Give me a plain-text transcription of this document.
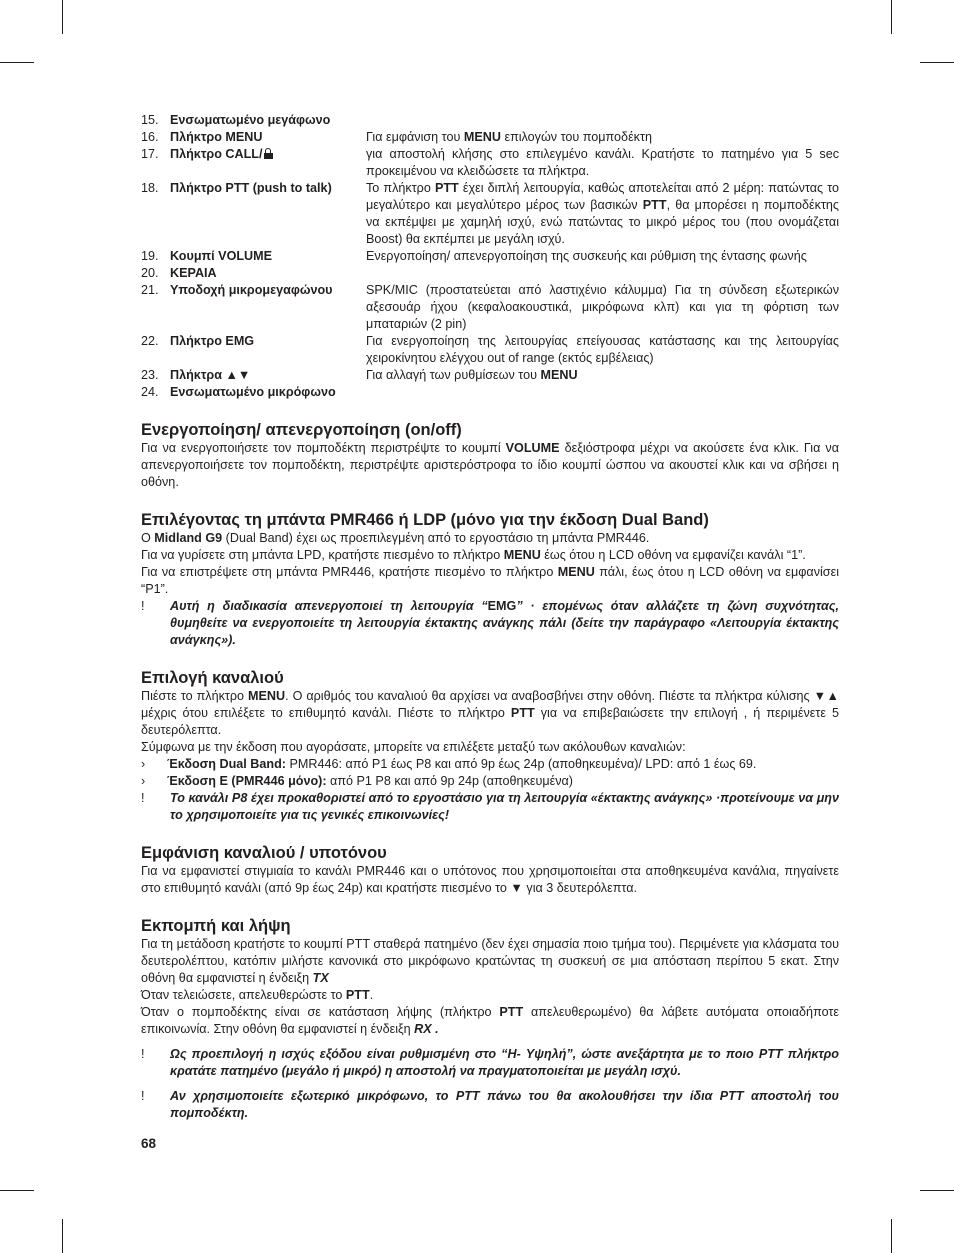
15. Ενσωματωμένο μεγάφωνο
16. Πλήκτρο MENU	Για εμφάνιση του MENU επιλογών του πομποδέκτη
17. Πλήκτρο CALL/	για αποστολή κλήσης στο επιλεγμένο κανάλι. Κρατήστε το πατημένο για 5 sec προκειμένου να κλειδώσετε τα πλήκτρα.
18. Πλήκτρο PTT (push to talk)	Το πλήκτρο PTT έχει διπλή λειτουργία, καθώς αποτελείται από 2 μέρη: πατώντας το μεγαλύτερο και μεγαλύτερο μέρος των βασικών PTT, θα μπορέσει η πομποδέκτης να εκπέμψει με χαμηλή ισχύ, ενώ πατώντας το μικρό μέρος του (που ονομάζεται Boost) θα εκπέμπει με μεγάλη ισχύ.
19. Κουμπί VOLUME	Ενεργοποίηση/ απενεργοποίηση της συσκευής και ρύθμιση της έντασης φωνής
20. ΚΕΡΑΙΑ
21. Υποδοχή μικρομεγαφώνου	SPK/MIC (προστατεύεται από λαστιχένιο κάλυμμα) Για τη σύνδεση εξωτερικών αξεσουάρ ήχου (κεφαλοακουστικά, μικρόφωνα κλπ) και για τη φόρτιση των μπαταριών (2 pin)
22. Πλήκτρο EMG	Για ενεργοποίηση της λειτουργίας επείγουσας κατάστασης και της λειτουργίας χειροκίνητου ελέγχου out of range (εκτός εμβέλειας)
23. Πλήκτρα ▲▼	Για αλλαγή των ρυθμίσεων του MENU
24. Ενσωματωμένο μικρόφωνο
Ενεργοποίηση/ απενεργοποίηση (on/off)

Για να ενεργοποιήσετε τον πομποδέκτη περιστρέψτε το κουμπί VOLUME δεξιόστροφα μέχρι να ακούσετε ένα κλικ. Για να απενεργοποιήσετε τον πομποδέκτη, περιστρέψτε αριστερόστροφα το ίδιο κουμπί ώσπου να ακουστεί κλικ και να σβήσει η οθόνη.

Επιλέγοντας τη μπάντα PMR466 ή LDP (μόνο για την έκδοση Dual Band)

Ο Midland G9 (Dual Band) έχει ως προεπιλεγμένη από το εργοστάσιο τη μπάντα PMR446.

Για να γυρίσετε στη μπάντα LPD, κρατήστε πιεσμένο το πλήκτρο MENU έως ότου η LCD οθόνη να εμφανίζει κανάλι “1”.

Για να επιστρέψετε στη μπάντα PMR446, κρατήστε πιεσμένο το πλήκτρο MENU πάλι, έως ότου η LCD οθόνη να εμφανίσει “P1”.

!	Αυτή η διαδικασία απενεργοποιεί τη λειτουργία “EMG” · επομένως όταν αλλάζετε τη ζώνη συχνότητας, θυμηθείτε να ενεργοποιείτε τη λειτουργία έκτακτης ανάγκης πάλι (δείτε την παράγραφο «Λειτουργία έκτακτης ανάγκης»).
Επιλογή καναλιού

Πιέστε το πλήκτρο MENU. Ο αριθμός του καναλιού θα αρχίσει να αναβοσβήνει στην οθόνη. Πιέστε τα πλήκτρα κύλισης ▼▲ μέχρις ότου επιλέξετε το επιθυμητό κανάλι. Πιέστε το πλήκτρο PTT για να επιβεβαιώσετε την επιλογή , ή περιμένετε 5 δευτερόλεπτα.

Σύμφωνα με την έκδοση που αγοράσατε, μπορείτε να επιλέξετε μεταξύ των ακόλουθων καναλιών:

›	Έκδοση Dual Band: PMR446: από P1 έως P8 και από 9p έως 24p (αποθηκευμένα)/ LPD: από 1 έως 69.
›	Έκδοση E (PMR446 μόνο): από P1 P8 και από 9p 24p (αποθηκευμένα)
!	Το κανάλι P8 έχει προκαθοριστεί από το εργοστάσιο για τη λειτουργία «έκτακτης ανάγκης» ·προτείνουμε να μην το χρησιμοποιείτε για τις γενικές επικοινωνίες!
Εμφάνιση καναλιού / υποτόνου

Για να εμφανιστεί στιγμιαία το κανάλι PMR446 και ο υπότονος που χρησιμοποιείται στα αποθηκευμένα κανάλια, πηγαίνετε στο επιθυμητό κανάλι (από 9p έως 24p) και κρατήστε πιεσμένο το ▼ για 3 δευτερόλεπτα.

Εκπομπή και λήψη

Για τη μετάδοση κρατήστε το κουμπί PTT σταθερά πατημένο (δεν έχει σημασία ποιο τμήμα του). Περιμένετε για κλάσματα του δευτερολέπτου, κατόπιν μιλήστε κανονικά στο μικρόφωνο κρατώντας τη συσκευή σε μια απόσταση περίπου 5 εκατ. Στην οθόνη θα εμφανιστεί η ένδειξη TX

Όταν τελειώσετε, απελευθερώστε το PTT.

Όταν ο πομποδέκτης είναι σε κατάσταση λήψης (πλήκτρο PTT απελευθερωμένο) θα λάβετε αυτόματα οποιαδήποτε επικοινωνία. Στην οθόνη θα εμφανιστεί η ένδειξη RX .

!	Ως προεπιλογή η ισχύς εξόδου είναι ρυθμισμένη στο “H- Υψηλή”, ώστε ανεξάρτητα με το ποιο PTT πλήκτρο κρατάτε πατημένο (μεγάλο ή μικρό) η αποστολή να πραγματοποιείται με μεγάλη ισχύ.
!	Αν χρησιμοποιείτε εξωτερικό μικρόφωνο, το PTT πάνω του θα ακολουθήσει την ίδια PTT αποστολή του πομποδέκτη.
68
